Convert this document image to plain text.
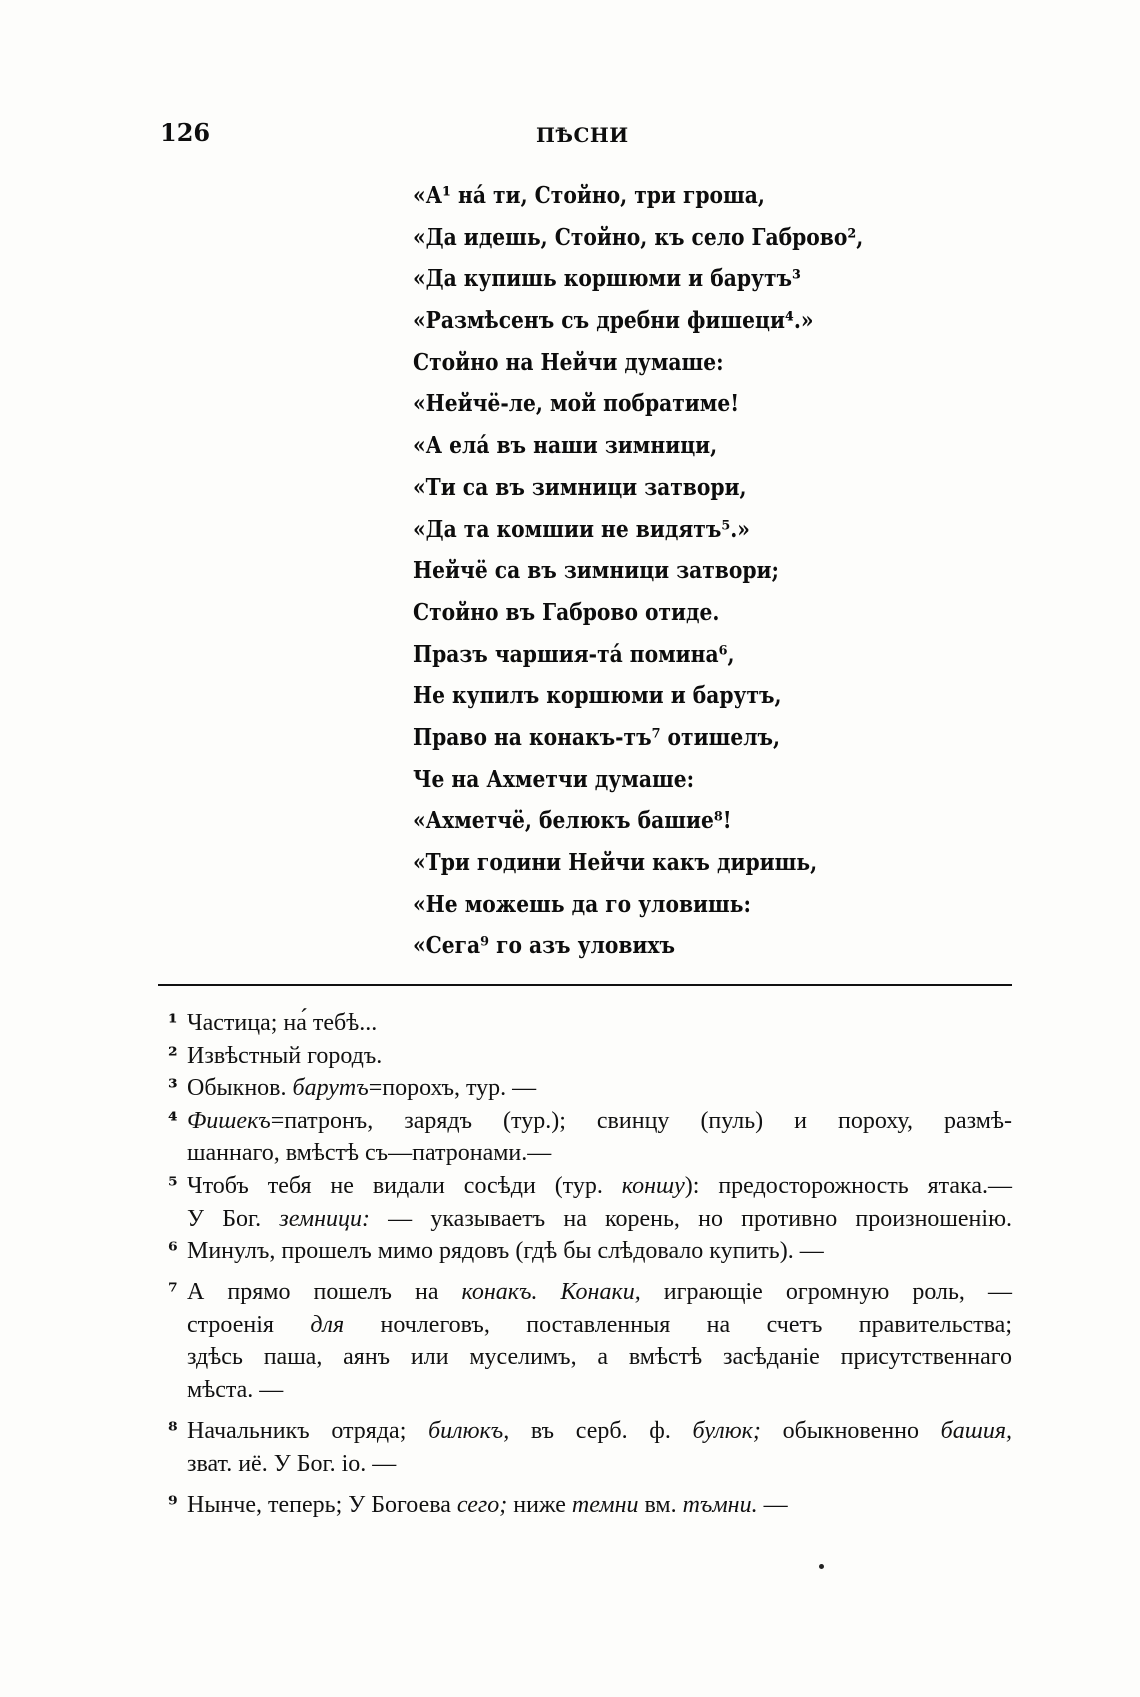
126	ПѢСНИ
«А¹ на́ ти, Стойно, три гроша,
«Да идешь, Стойно, къ село Габрово²,
«Да купишь коршюми и барутъ³
«Размѣсенъ съ дребни фишеци⁴.»
Стойно на Нейчи думаше:
«Нейчё-ле, мой побратиме!
«А ела́ въ наши зимници,
«Ти са въ зимници затвори,
«Да та комшии не видятъ⁵.»
Нейчё са въ зимници затвори;
Стойно въ Габрово отиде.
Празъ чаршия-та́ помина⁶,
Не купилъ коршюми и барутъ,
Право на конакъ-тъ⁷ отишелъ,
Че на Ахметчи думаше:
«Ахметчё, белюкъ башие⁸!
«Три години Нейчи какъ диришь,
«Не можешь да го уловишь:
«Сега⁹ го азъ уловихъ
¹ Частица; на́ тебѣ...
² Извѣстный городъ.
³ Обыкнов. барутъ=порохъ, тур. —
⁴ Фишекъ=патронъ, зарядъ (тур.); свинцу (пуль) и пороху, размѣ-
шаннаго, вмѣстѣ съ—патронами.—
⁵ Чтобъ тебя не видали сосѣди (тур. коншу): предосторожность ятака.—
У Бог. земници: — указываетъ на корень, но противно произношенію.
⁶ Минулъ, прошелъ мимо рядовъ (гдѣ бы слѣдовало купить). —
⁷ А прямо пошелъ на конакъ. Конаки, играющіе огромную роль, —
строенія для ночлеговъ, поставленныя на счетъ правительства;
здѣсь паша, аянъ или муселимъ, а вмѣстѣ засѣданіе присутственнаго
мѣста. —
⁸ Начальникъ отряда; билюкъ, въ серб. ф. булюк; обыкновенно башия,
зват. иё. У Бог. іо. —
⁹ Нынче, теперь; У Богоева сего; ниже темни вм. тъмни. —
